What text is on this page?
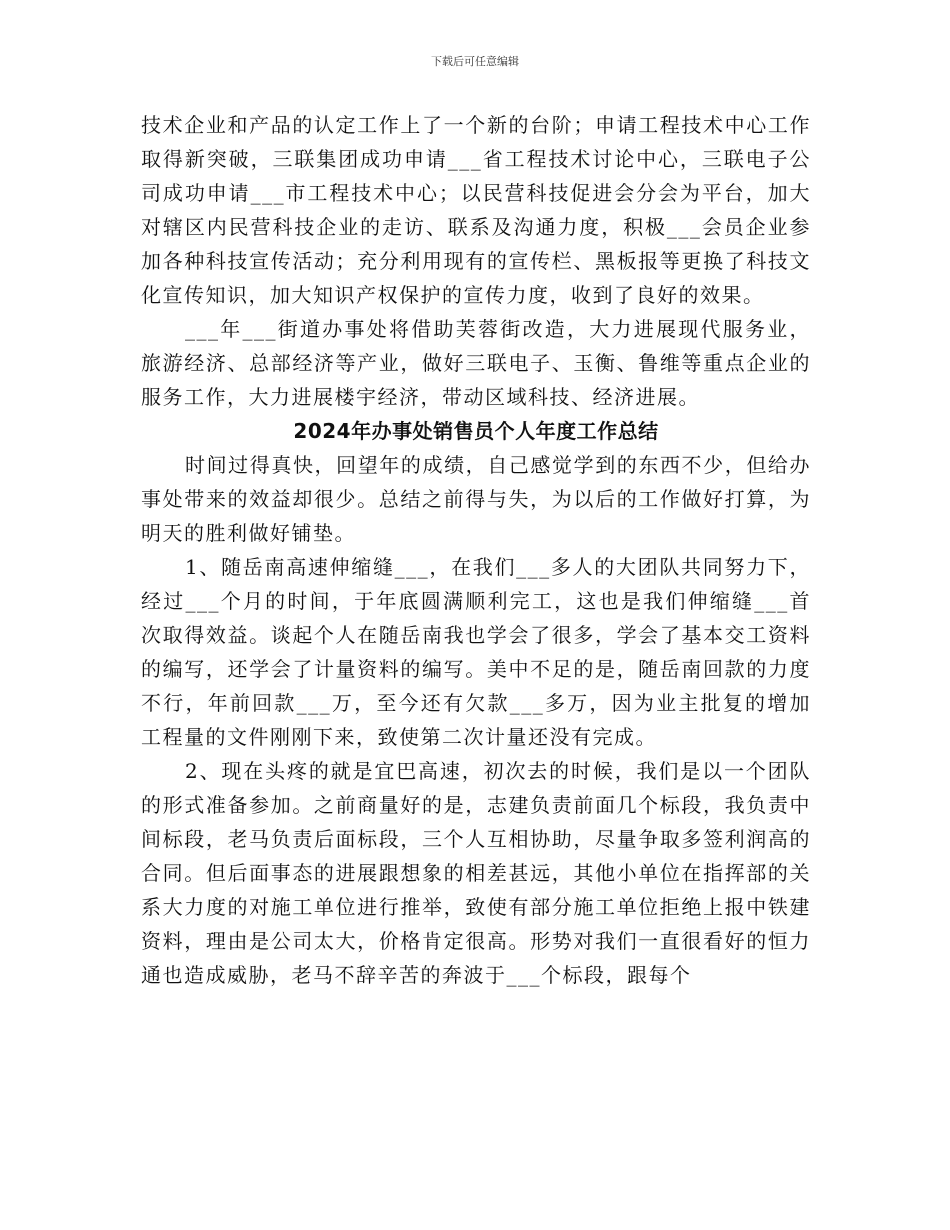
下载后可任意编辑

技术企业和产品的认定工作上了一个新的台阶；申请工程技术中心工作取得新突破，三联集团成功申请___省工程技术讨论中心，三联电子公司成功申请___市工程技术中心；以民营科技促进会分会为平台，加大对辖区内民营科技企业的走访、联系及沟通力度，积极___会员企业参加各种科技宣传活动；充分利用现有的宣传栏、黑板报等更换了科技文化宣传知识，加大知识产权保护的宣传力度，收到了良好的效果。

___年___街道办事处将借助芙蓉街改造，大力进展现代服务业，旅游经济、总部经济等产业，做好三联电子、玉衡、鲁维等重点企业的服务工作，大力进展楼宇经济，带动区域科技、经济进展。

2024年办事处销售员个人年度工作总结

时间过得真快，回望年的成绩，自己感觉学到的东西不少，但给办事处带来的效益却很少。总结之前得与失，为以后的工作做好打算，为明天的胜利做好铺垫。

1、随岳南高速伸缩缝___，在我们___多人的大团队共同努力下，经过___个月的时间，于年底圆满顺利完工，这也是我们伸缩缝___首次取得效益。谈起个人在随岳南我也学会了很多，学会了基本交工资料的编写，还学会了计量资料的编写。美中不足的是，随岳南回款的力度不行，年前回款___万，至今还有欠款___多万，因为业主批复的增加工程量的文件刚刚下来，致使第二次计量还没有完成。

2、现在头疼的就是宜巴高速，初次去的时候，我们是以一个团队的形式准备参加。之前商量好的是，志建负责前面几个标段，我负责中间标段，老马负责后面标段，三个人互相协助，尽量争取多签利润高的合同。但后面事态的进展跟想象的相差甚远，其他小单位在指挥部的关系大力度的对施工单位进行推举，致使有部分施工单位拒绝上报中铁建资料，理由是公司太大，价格肯定很高。形势对我们一直很看好的恒力通也造成威胁，老马不辞辛苦的奔波于___个标段，跟每个
